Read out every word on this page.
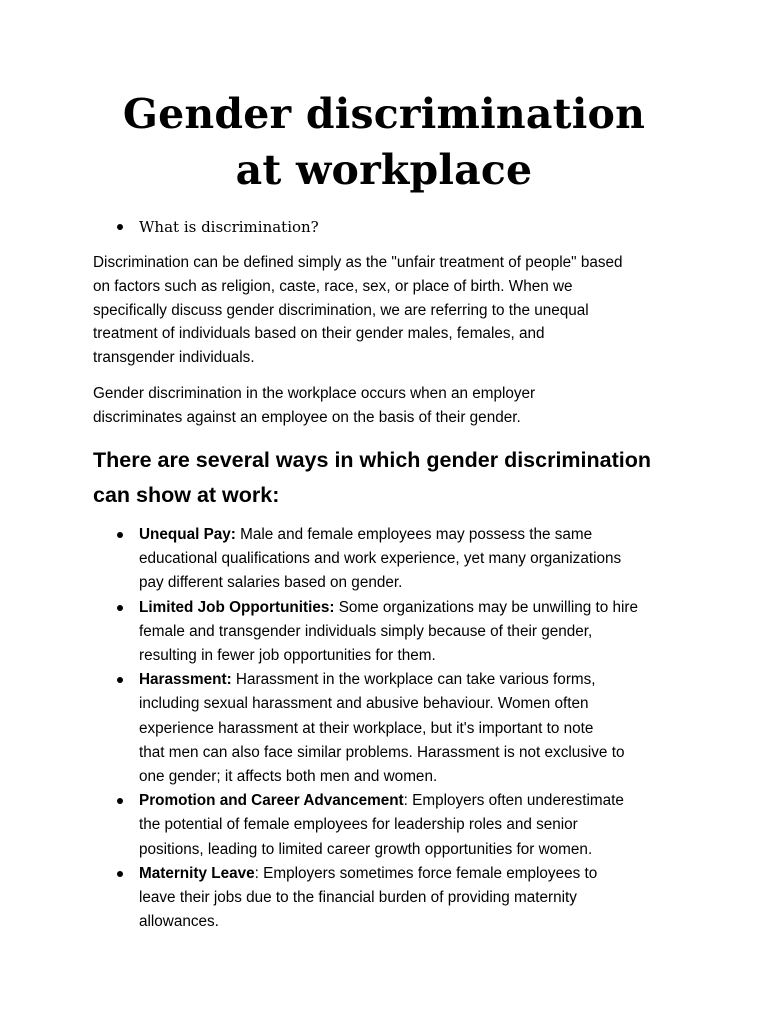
Gender discrimination
at workplace
What is discrimination?

Discrimination can be defined simply as the "unfair treatment of people" based
on factors such as religion, caste, race, sex, or place of birth. When we
specifically discuss gender discrimination, we are referring to the unequal
treatment of individuals based on their gender males, females, and
transgender individuals.

Gender discrimination in the workplace occurs when an employer
discriminates against an employee on the basis of their gender.

There are several ways in which gender discrimination
can show at work:
Unequal Pay: Male and female employees may possess the same
educational qualifications and work experience, yet many organizations
pay different salaries based on gender.
Limited Job Opportunities: Some organizations may be unwilling to hire
female and transgender individuals simply because of their gender,
resulting in fewer job opportunities for them.
Harassment: Harassment in the workplace can take various forms,
including sexual harassment and abusive behaviour. Women often
experience harassment at their workplace, but it's important to note
that men can also face similar problems. Harassment is not exclusive to
one gender; it affects both men and women.
Promotion and Career Advancement: Employers often underestimate
the potential of female employees for leadership roles and senior
positions, leading to limited career growth opportunities for women.
Maternity Leave: Employers sometimes force female employees to
leave their jobs due to the financial burden of providing maternity
allowances.
